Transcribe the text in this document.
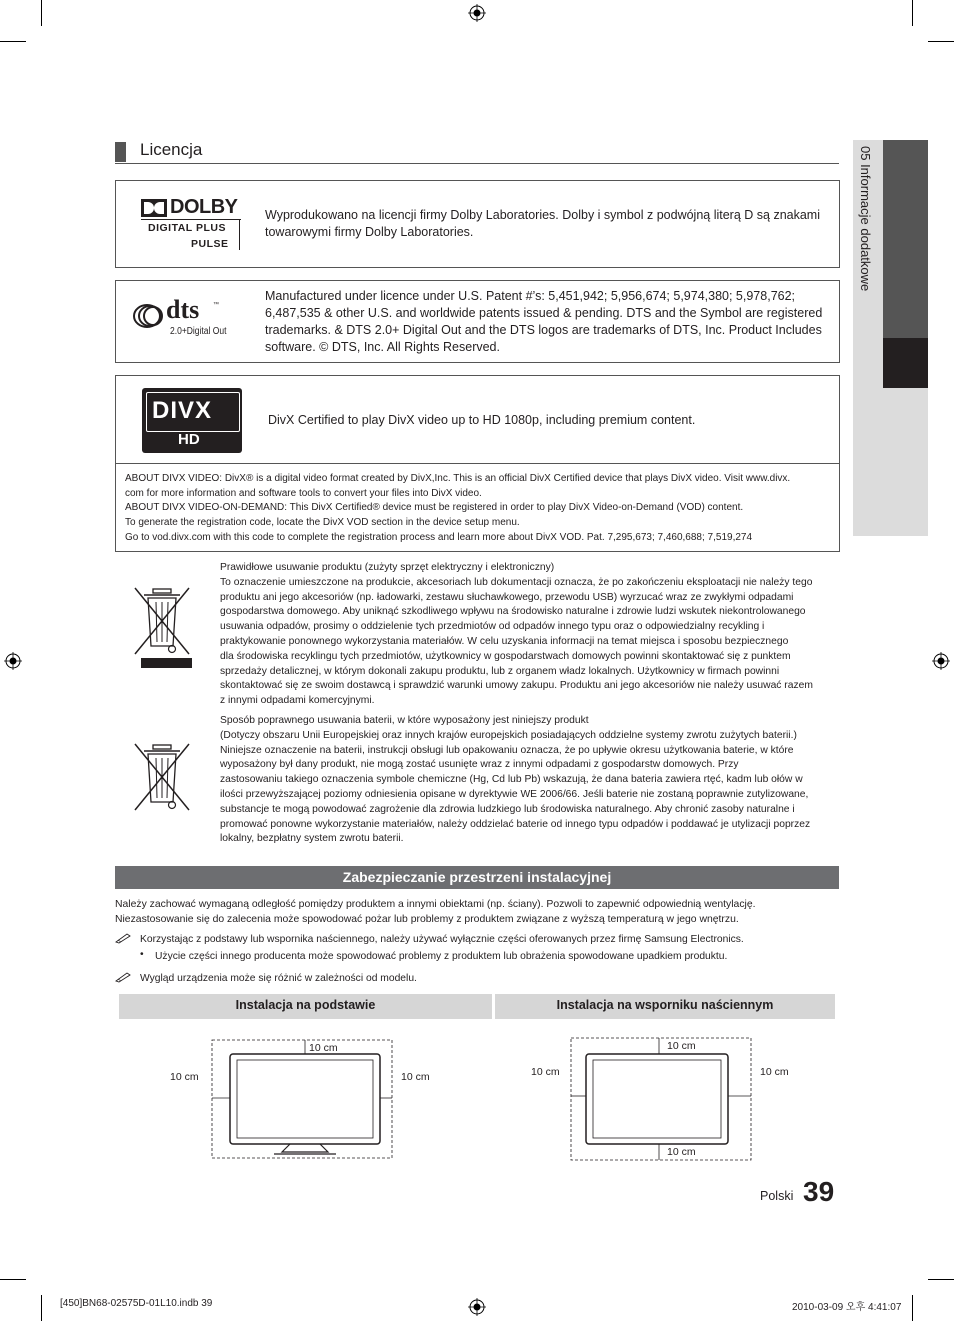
05 Informacje dodatkowe
Licencja
DOLBY
DIGITAL PLUS
PULSE
Wyprodukowano na licencji firmy Dolby Laboratories. Dolby i symbol z podwójną literą D są znakami towarowymi firmy Dolby Laboratories.
dts ™
2.0+Digital Out
Manufactured under licence under U.S. Patent #’s: 5,451,942; 5,956,674; 5,974,380; 5,978,762; 6,487,535 & other U.S. and worldwide patents issued & pending. DTS and the Symbol are registered trademarks. & DTS 2.0+ Digital Out and the DTS logos are trademarks of DTS, Inc. Product Includes software. © DTS, Inc. All Rights Reserved.
DIVX
HD
DivX Certified to play DivX video up to HD 1080p, including premium content.
ABOUT DIVX VIDEO: DivX® is a digital video format created by DivX,Inc. This is an official DivX Certified device that plays DivX video. Visit www.divx.
com for more information and software tools to convert your files into DivX video.
ABOUT DIVX VIDEO-ON-DEMAND: This DivX Certified® device must be registered in order to play DivX Video-on-Demand (VOD) content.
To generate the registration code, locate the DivX VOD section in the device setup menu.
Go to vod.divx.com with this code to complete the registration process and learn more about DivX VOD. Pat. 7,295,673; 7,460,688; 7,519,274
Prawidłowe usuwanie produktu (zużyty sprzęt elektryczny i elektroniczny)
To oznaczenie umieszczone na produkcie, akcesoriach lub dokumentacji oznacza, że po zakończeniu eksploatacji nie należy tego
produktu ani jego akcesoriów (np. ładowarki, zestawu słuchawkowego, przewodu USB) wyrzucać wraz ze zwykłymi odpadami
gospodarstwa domowego. Aby uniknąć szkodliwego wpływu na środowisko naturalne i zdrowie ludzi wskutek niekontrolowanego
usuwania odpadów, prosimy o oddzielenie tych przedmiotów od odpadów innego typu oraz o odpowiedzialny recykling i
praktykowanie ponownego wykorzystania materiałów. W celu uzyskania informacji na temat miejsca i sposobu bezpiecznego
dla środowiska recyklingu tych przedmiotów, użytkownicy w gospodarstwach domowych powinni skontaktować się z punktem
sprzedaży detalicznej, w którym dokonali zakupu produktu, lub z organem władz lokalnych. Użytkownicy w firmach powinni
skontaktować się ze swoim dostawcą i sprawdzić warunki umowy zakupu. Produktu ani jego akcesoriów nie należy usuwać razem
z innymi odpadami komercyjnymi.
Sposób poprawnego usuwania baterii, w które wyposażony jest niniejszy produkt
(Dotyczy obszaru Unii Europejskiej oraz innych krajów europejskich posiadających oddzielne systemy zwrotu zużytych baterii.)
Niniejsze oznaczenie na baterii, instrukcji obsługi lub opakowaniu oznacza, że po upływie okresu użytkowania baterie, w które
wyposażony był dany produkt, nie mogą zostać usunięte wraz z innymi odpadami z gospodarstw domowych. Przy
zastosowaniu takiego oznaczenia symbole chemiczne (Hg, Cd lub Pb) wskazują, że dana bateria zawiera rtęć, kadm lub ołów w
ilości przewyższającej poziomy odniesienia opisane w dyrektywie WE 2006/66. Jeśli baterie nie zostaną poprawnie zutylizowane,
substancje te mogą powodować zagrożenie dla zdrowia ludzkiego lub środowiska naturalnego. Aby chronić zasoby naturalne i
promować ponowne wykorzystanie materiałów, należy oddzielać baterie od innego typu odpadów i poddawać je utylizacji poprzez
lokalny, bezpłatny system zwrotu baterii.
Zabezpieczanie przestrzeni instalacyjnej
Należy zachować wymaganą odległość pomiędzy produktem a innymi obiektami (np. ściany). Pozwoli to zapewnić odpowiednią wentylację.
Niezastosowanie się do zalecenia może spowodować pożar lub problemy z produktem związane z wyższą temperaturą w jego wnętrzu.
Korzystając z podstawy lub wspornika naściennego, należy używać wyłącznie części oferowanych przez firmę Samsung Electronics.
• Użycie części innego producenta może spowodować problemy z produktem lub obrażenia spowodowane upadkiem produktu.
Wygląd urządzenia może się różnić w zależności od modelu.
Instalacja na podstawie	Instalacja na wsporniku naściennym
10 cm
10 cm	10 cm
10 cm
10 cm	10 cm
10 cm
Polski 39
[450]BN68-02575D-01L10.indb 39	2010-03-09 오후 4:41:07
